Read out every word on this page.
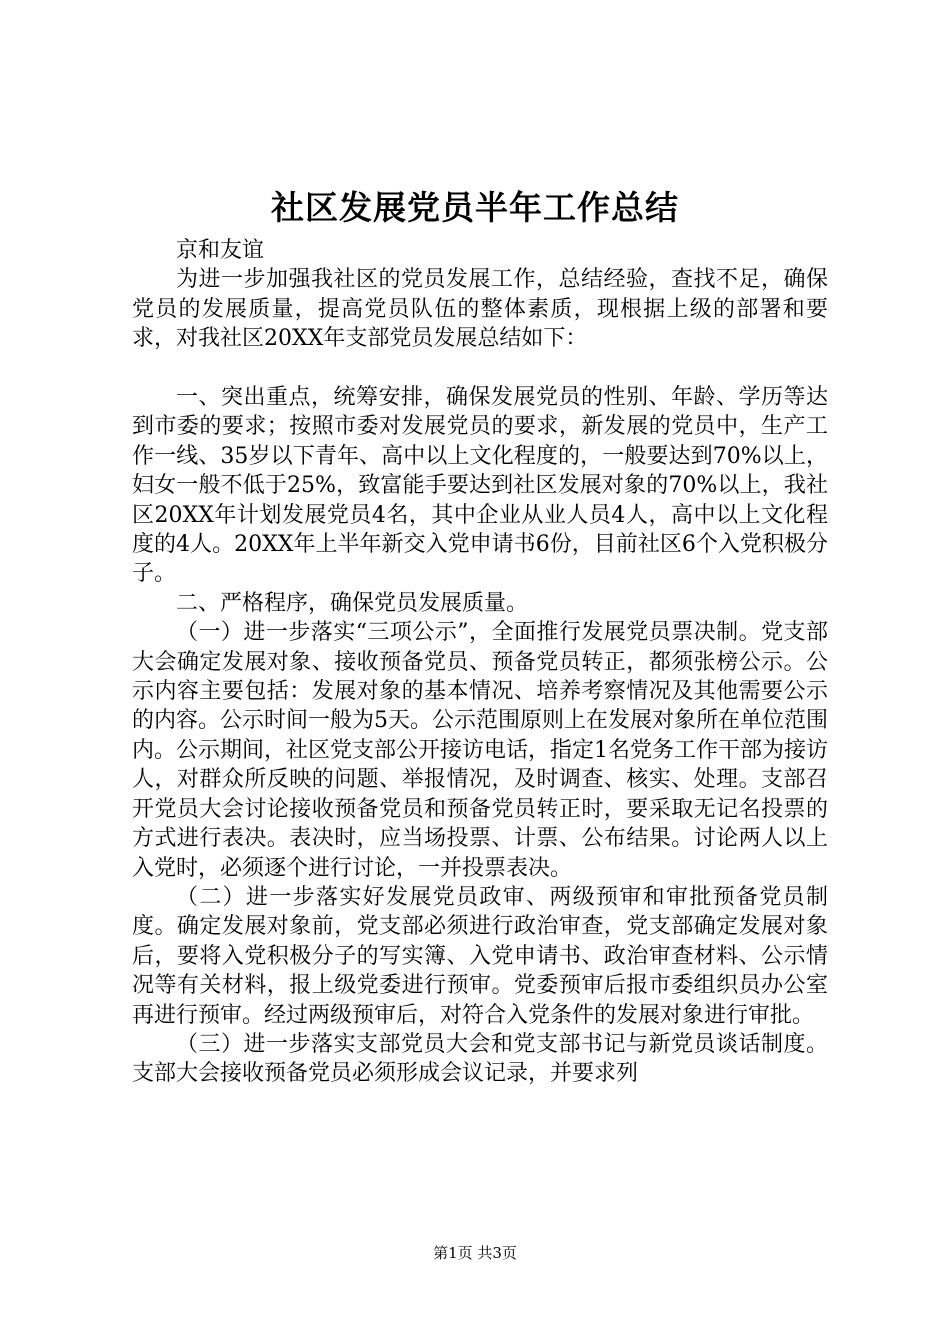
社区发展党员半年工作总结

京和友谊

为进一步加强我社区的党员发展工作，总结经验，查找不足，确保党员的发展质量，提高党员队伍的整体素质，现根据上级的部署和要求，对我社区20XX年支部党员发展总结如下：

一、突出重点，统筹安排，确保发展党员的性别、年龄、学历等达到市委的要求；按照市委对发展党员的要求，新发展的党员中，生产工作一线、35岁以下青年、高中以上文化程度的，一般要达到70%以上，妇女一般不低于25%，致富能手要达到社区发展对象的70%以上，我社区20XX年计划发展党员4名，其中企业从业人员4人，高中以上文化程度的4人。20XX年上半年新交入党申请书6份，目前社区6个入党积极分子。

二、严格程序，确保党员发展质量。

（一）进一步落实“三项公示”，全面推行发展党员票决制。党支部大会确定发展对象、接收预备党员、预备党员转正，都须张榜公示。公示内容主要包括：发展对象的基本情况、培养考察情况及其他需要公示的内容。公示时间一般为5天。公示范围原则上在发展对象所在单位范围内。公示期间，社区党支部公开接访电话，指定1名党务工作干部为接访人，对群众所反映的问题、举报情况，及时调查、核实、处理。支部召开党员大会讨论接收预备党员和预备党员转正时，要采取无记名投票的方式进行表决。表决时，应当场投票、计票、公布结果。讨论两人以上入党时，必须逐个进行讨论，一并投票表决。

（二）进一步落实好发展党员政审、两级预审和审批预备党员制度。确定发展对象前，党支部必须进行政治审查，党支部确定发展对象后，要将入党积极分子的写实簿、入党申请书、政治审查材料、公示情况等有关材料，报上级党委进行预审。党委预审后报市委组织员办公室再进行预审。经过两级预审后，对符合入党条件的发展对象进行审批。

（三）进一步落实支部党员大会和党支部书记与新党员谈话制度。支部大会接收预备党员必须形成会议记录，并要求列

第1页 共3页
